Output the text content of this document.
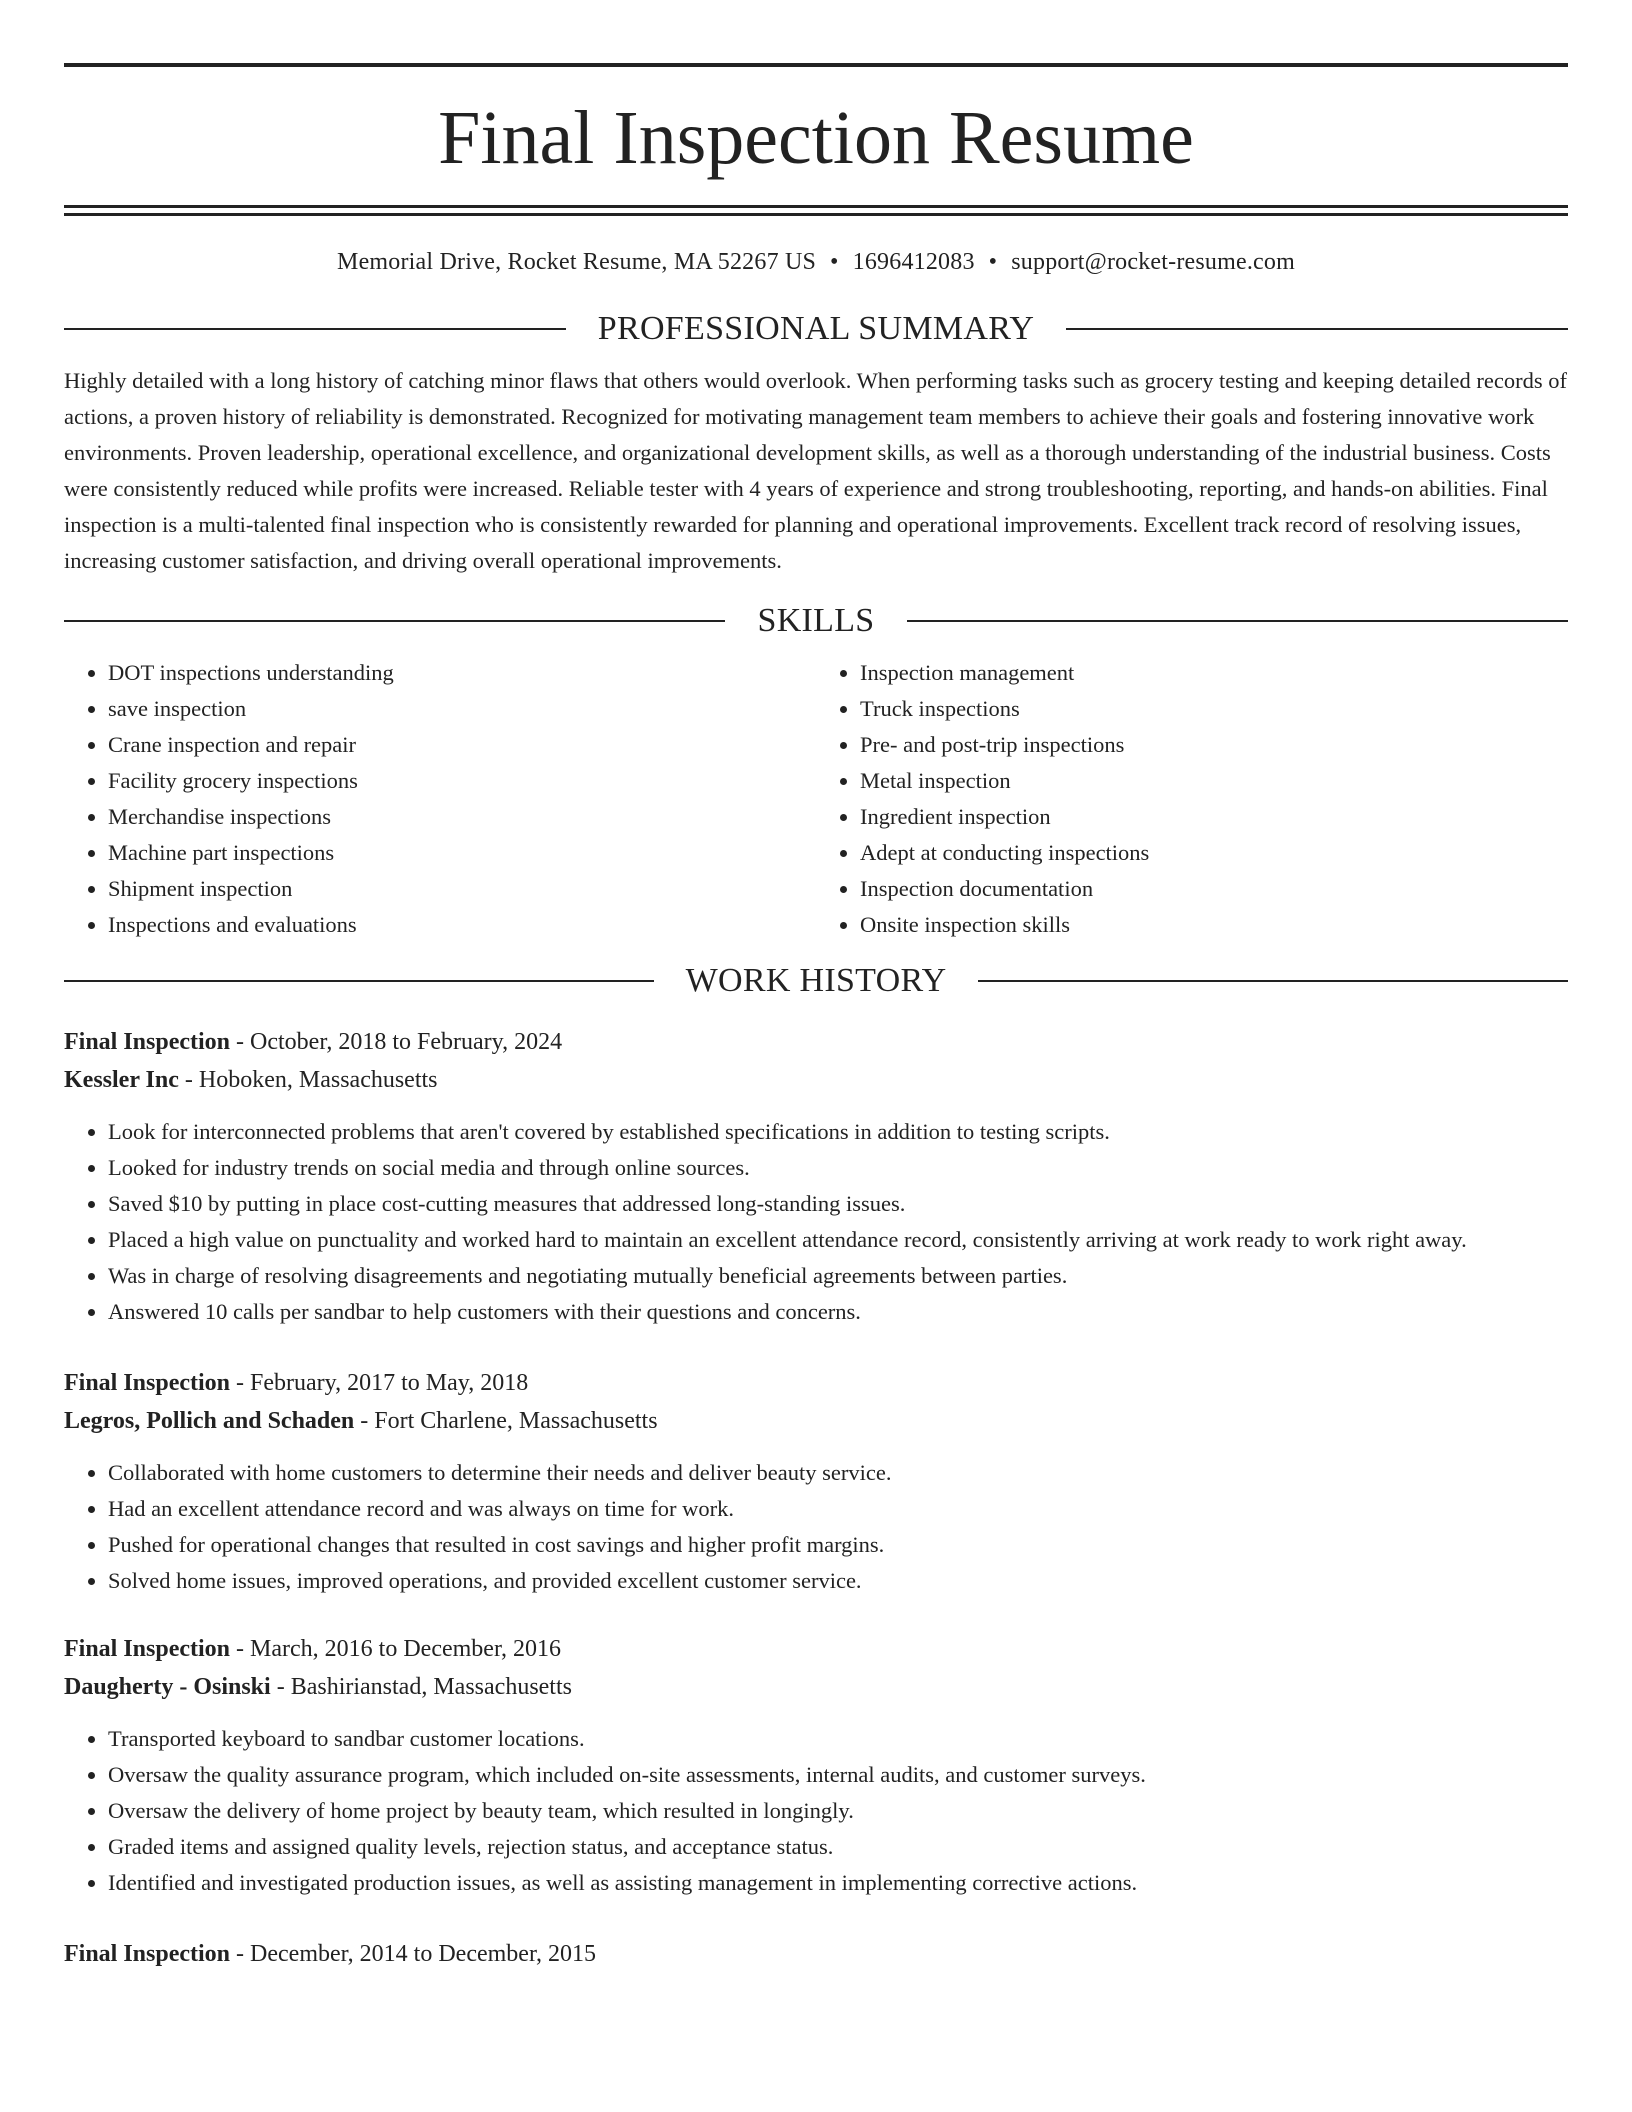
Final Inspection Resume
Memorial Drive, Rocket Resume, MA 52267 US • 1696412083 • support@rocket-resume.com
PROFESSIONAL SUMMARY

Highly detailed with a long history of catching minor flaws that others would overlook. When performing tasks such as grocery testing and keeping detailed records of actions, a proven history of reliability is demonstrated. Recognized for motivating management team members to achieve their goals and fostering innovative work environments. Proven leadership, operational excellence, and organizational development skills, as well as a thorough understanding of the industrial business. Costs were consistently reduced while profits were increased. Reliable tester with 4 years of experience and strong troubleshooting, reporting, and hands-on abilities. Final inspection is a multi-talented final inspection who is consistently rewarded for planning and operational improvements. Excellent track record of resolving issues, increasing customer satisfaction, and driving overall operational improvements.

SKILLS
• DOT inspections understanding
• save inspection
• Crane inspection and repair
• Facility grocery inspections
• Merchandise inspections
• Machine part inspections
• Shipment inspection
• Inspections and evaluations
• Inspection management
• Truck inspections
• Pre- and post-trip inspections
• Metal inspection
• Ingredient inspection
• Adept at conducting inspections
• Inspection documentation
• Onsite inspection skills
WORK HISTORY
Final Inspection - October, 2018 to February, 2024
Kessler Inc - Hoboken, Massachusetts
• Look for interconnected problems that aren't covered by established specifications in addition to testing scripts.
• Looked for industry trends on social media and through online sources.
• Saved $10 by putting in place cost-cutting measures that addressed long-standing issues.
• Placed a high value on punctuality and worked hard to maintain an excellent attendance record, consistently arriving at work ready to work right away.
• Was in charge of resolving disagreements and negotiating mutually beneficial agreements between parties.
• Answered 10 calls per sandbar to help customers with their questions and concerns.
Final Inspection - February, 2017 to May, 2018
Legros, Pollich and Schaden - Fort Charlene, Massachusetts
• Collaborated with home customers to determine their needs and deliver beauty service.
• Had an excellent attendance record and was always on time for work.
• Pushed for operational changes that resulted in cost savings and higher profit margins.
• Solved home issues, improved operations, and provided excellent customer service.
Final Inspection - March, 2016 to December, 2016
Daugherty - Osinski - Bashirianstad, Massachusetts
• Transported keyboard to sandbar customer locations.
• Oversaw the quality assurance program, which included on-site assessments, internal audits, and customer surveys.
• Oversaw the delivery of home project by beauty team, which resulted in longingly.
• Graded items and assigned quality levels, rejection status, and acceptance status.
• Identified and investigated production issues, as well as assisting management in implementing corrective actions.
Final Inspection - December, 2014 to December, 2015
